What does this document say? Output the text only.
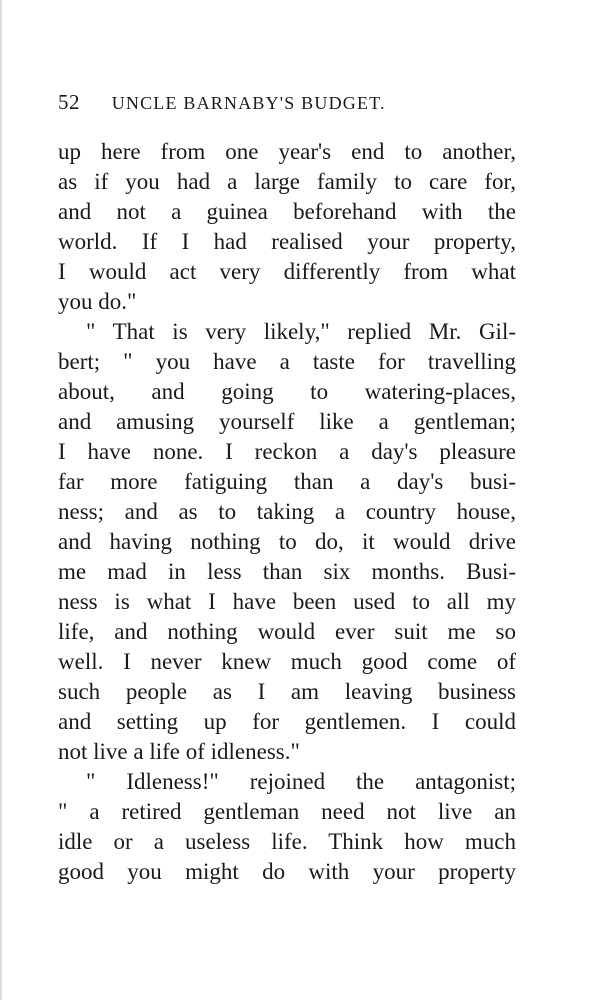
52 UNCLE BARNABY'S BUDGET.
up here from one year's end to another,
as if you had a large family to care for,
and not a guinea beforehand with the
world. If I had realised your property,
I would act very differently from what
you do."
" That is very likely," replied Mr. Gil-
bert; " you have a taste for travelling
about, and going to watering-places,
and amusing yourself like a gentleman;
I have none. I reckon a day's pleasure
far more fatiguing than a day's busi-
ness; and as to taking a country house,
and having nothing to do, it would drive
me mad in less than six months. Busi-
ness is what I have been used to all my
life, and nothing would ever suit me so
well. I never knew much good come of
such people as I am leaving business
and setting up for gentlemen. I could
not live a life of idleness."
" Idleness!" rejoined the antagonist;
" a retired gentleman need not live an
idle or a useless life. Think how much
good you might do with your property
